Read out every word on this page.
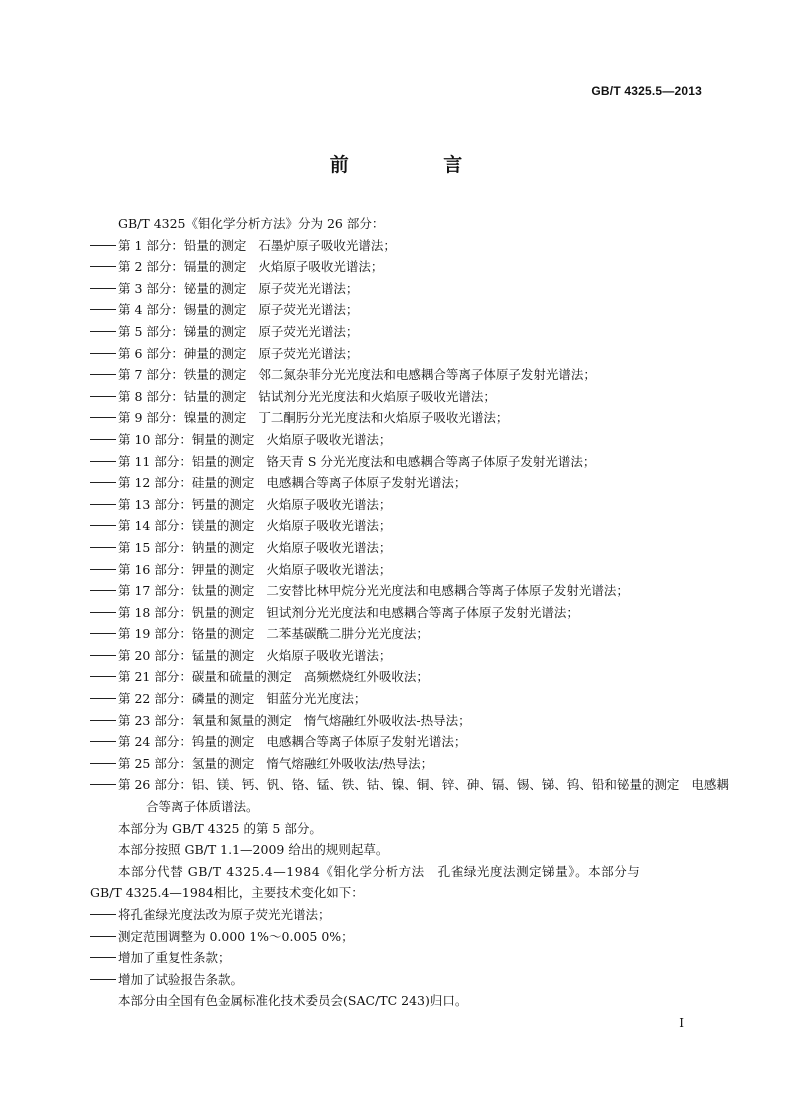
GB/T 4325.5—2013
前 言
GB/T 4325《钼化学分析方法》分为 26 部分：
第 1 部分：铅量的测定 石墨炉原子吸收光谱法；
第 2 部分：镉量的测定 火焰原子吸收光谱法；
第 3 部分：铋量的测定 原子荧光光谱法；
第 4 部分：锡量的测定 原子荧光光谱法；
第 5 部分：锑量的测定 原子荧光光谱法；
第 6 部分：砷量的测定 原子荧光光谱法；
第 7 部分：铁量的测定 邻二氮杂菲分光光度法和电感耦合等离子体原子发射光谱法；
第 8 部分：钴量的测定 钴试剂分光光度法和火焰原子吸收光谱法；
第 9 部分：镍量的测定 丁二酮肟分光光度法和火焰原子吸收光谱法；
第 10 部分：铜量的测定 火焰原子吸收光谱法；
第 11 部分：铝量的测定 铬天青 S 分光光度法和电感耦合等离子体原子发射光谱法；
第 12 部分：硅量的测定 电感耦合等离子体原子发射光谱法；
第 13 部分：钙量的测定 火焰原子吸收光谱法；
第 14 部分：镁量的测定 火焰原子吸收光谱法；
第 15 部分：钠量的测定 火焰原子吸收光谱法；
第 16 部分：钾量的测定 火焰原子吸收光谱法；
第 17 部分：钛量的测定 二安替比林甲烷分光光度法和电感耦合等离子体原子发射光谱法；
第 18 部分：钒量的测定 钽试剂分光光度法和电感耦合等离子体原子发射光谱法；
第 19 部分：铬量的测定 二苯基碳酰二肼分光光度法；
第 20 部分：锰量的测定 火焰原子吸收光谱法；
第 21 部分：碳量和硫量的测定 高频燃烧红外吸收法；
第 22 部分：磷量的测定 钼蓝分光光度法；
第 23 部分：氧量和氮量的测定 惰气熔融红外吸收法-热导法；
第 24 部分：钨量的测定 电感耦合等离子体原子发射光谱法；
第 25 部分：氢量的测定 惰气熔融红外吸收法/热导法；
第 26 部分：铝、镁、钙、钒、铬、锰、铁、钴、镍、铜、锌、砷、镉、锡、锑、钨、铅和铋量的测定 电感耦
合等离子体质谱法。
本部分为 GB/T 4325 的第 5 部分。
本部分按照 GB/T 1.1—2009 给出的规则起草。
本部分代替 GB/T 4325.4—1984《钼化学分析方法　孔雀绿光度法测定锑量》。本部分与
GB/T 4325.4—1984相比，主要技术变化如下：
将孔雀绿光度法改为原子荧光光谱法；
测定范围调整为 0.000 1%～0.005 0%；
增加了重复性条款；
增加了试验报告条款。
本部分由全国有色金属标准化技术委员会(SAC/TC 243)归口。
I
